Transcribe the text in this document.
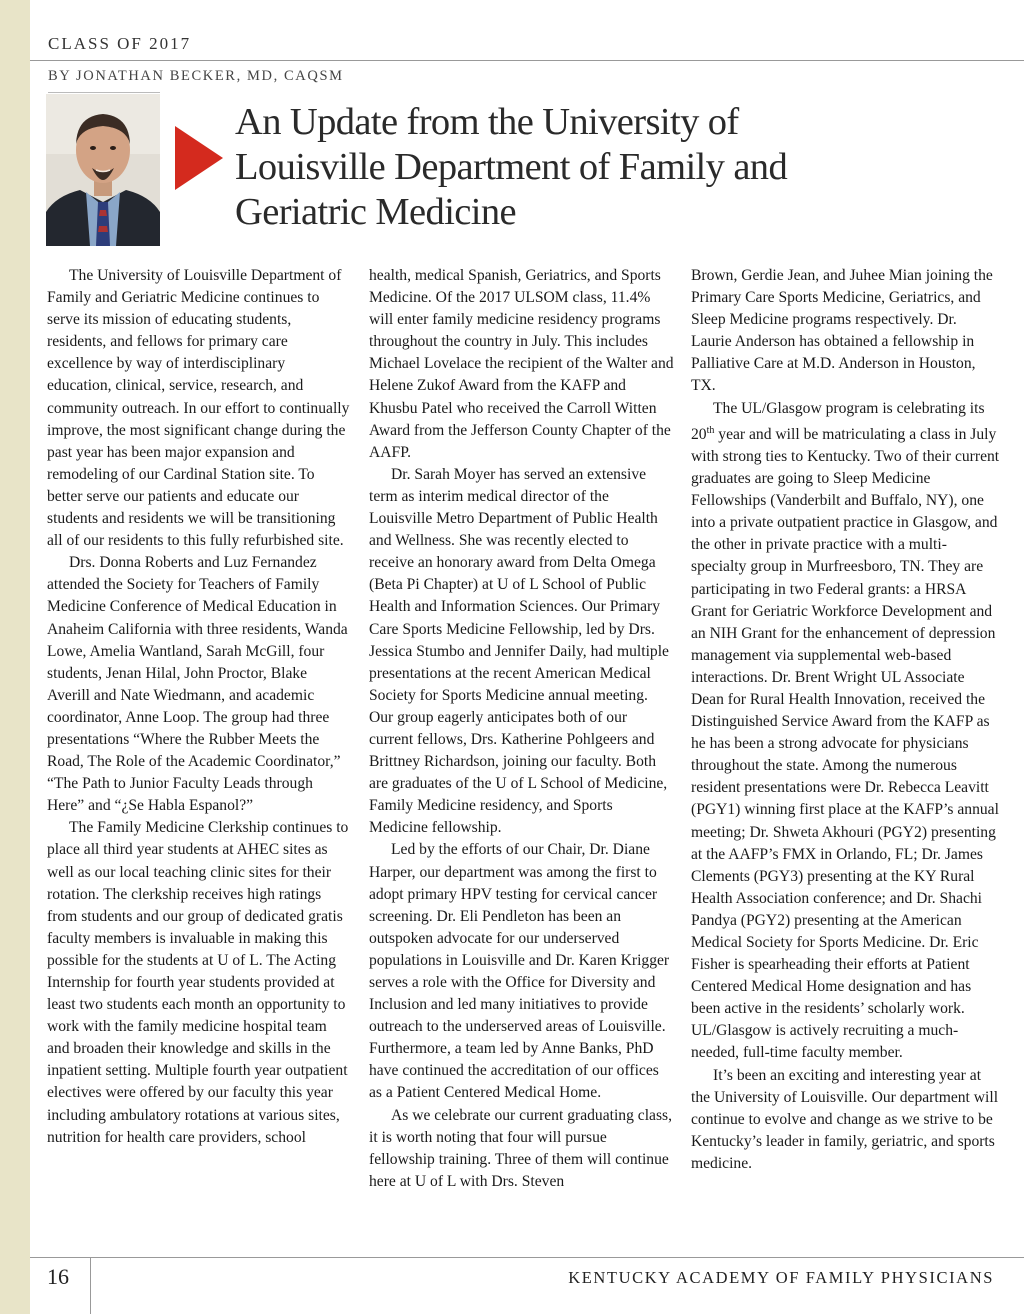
CLASS OF 2017
BY JONATHAN BECKER, MD, CAQSM
An Update from the University of Louisville Department of Family and Geriatric Medicine

The University of Louisville Department of Family and Geriatric Medicine continues to serve its mission of educating students, residents, and fellows for primary care excellence by way of interdisciplinary education, clinical, service, research, and community outreach. In our effort to continually improve, the most significant change during the past year has been major expansion and remodeling of our Cardinal Station site. To better serve our patients and educate our students and residents we will be transitioning all of our residents to this fully refurbished site.

Drs. Donna Roberts and Luz Fernandez attended the Society for Teachers of Family Medicine Conference of Medical Education in Anaheim California with three residents, Wanda Lowe, Amelia Wantland, Sarah McGill, four students, Jenan Hilal, John Proctor, Blake Averill and Nate Wiedmann, and academic coordinator, Anne Loop. The group had three presentations “Where the Rubber Meets the Road, The Role of the Academic Coordinator,” “The Path to Junior Faculty Leads through Here” and “¿Se Habla Espanol?”

The Family Medicine Clerkship continues to place all third year students at AHEC sites as well as our local teaching clinic sites for their rotation. The clerkship receives high ratings from students and our group of dedicated gratis faculty members is invaluable in making this possible for the students at U of L. The Acting Internship for fourth year students provided at least two students each month an opportunity to work with the family medicine hospital team and broaden their knowledge and skills in the inpatient setting. Multiple fourth year outpatient electives were offered by our faculty this year including ambulatory rotations at various sites, nutrition for health care providers, school

health, medical Spanish, Geriatrics, and Sports Medicine. Of the 2017 ULSOM class, 11.4% will enter family medicine residency programs throughout the country in July. This includes Michael Lovelace the recipient of the Walter and Helene Zukof Award from the KAFP and Khusbu Patel who received the Carroll Witten Award from the Jefferson County Chapter of the AAFP.

Dr. Sarah Moyer has served an extensive term as interim medical director of the Louisville Metro Department of Public Health and Wellness. She was recently elected to receive an honorary award from Delta Omega (Beta Pi Chapter) at U of L School of Public Health and Information Sciences. Our Primary Care Sports Medicine Fellowship, led by Drs. Jessica Stumbo and Jennifer Daily, had multiple presentations at the recent American Medical Society for Sports Medicine annual meeting. Our group eagerly anticipates both of our current fellows, Drs. Katherine Pohlgeers and Brittney Richardson, joining our faculty. Both are graduates of the U of L School of Medicine, Family Medicine residency, and Sports Medicine fellowship.

Led by the efforts of our Chair, Dr. Diane Harper, our department was among the first to adopt primary HPV testing for cervical cancer screening. Dr. Eli Pendleton has been an outspoken advocate for our underserved populations in Louisville and Dr. Karen Krigger serves a role with the Office for Diversity and Inclusion and led many initiatives to provide outreach to the underserved areas of Louisville. Furthermore, a team led by Anne Banks, PhD have continued the accreditation of our offices as a Patient Centered Medical Home.

As we celebrate our current graduating class, it is worth noting that four will pursue fellowship training. Three of them will continue here at U of L with Drs. Steven

Brown, Gerdie Jean, and Juhee Mian joining the Primary Care Sports Medicine, Geriatrics, and Sleep Medicine programs respectively. Dr. Laurie Anderson has obtained a fellowship in Palliative Care at M.D. Anderson in Houston, TX.

The UL/Glasgow program is celebrating its 20th year and will be matriculating a class in July with strong ties to Kentucky. Two of their current graduates are going to Sleep Medicine Fellowships (Vanderbilt and Buffalo, NY), one into a private outpatient practice in Glasgow, and the other in private practice with a multi-specialty group in Murfreesboro, TN. They are participating in two Federal grants: a HRSA Grant for Geriatric Workforce Development and an NIH Grant for the enhancement of depression management via supplemental web-based interactions. Dr. Brent Wright UL Associate Dean for Rural Health Innovation, received the Distinguished Service Award from the KAFP as he has been a strong advocate for physicians throughout the state. Among the numerous resident presentations were Dr. Rebecca Leavitt (PGY1) winning first place at the KAFP’s annual meeting; Dr. Shweta Akhouri (PGY2) presenting at the AAFP’s FMX in Orlando, FL; Dr. James Clements (PGY3) presenting at the KY Rural Health Association conference; and Dr. Shachi Pandya (PGY2) presenting at the American Medical Society for Sports Medicine. Dr. Eric Fisher is spearheading their efforts at Patient Centered Medical Home designation and has been active in the residents’ scholarly work. UL/Glasgow is actively recruiting a much-needed, full-time faculty member.

It’s been an exciting and interesting year at the University of Louisville. Our department will continue to evolve and change as we strive to be Kentucky’s leader in family, geriatric, and sports medicine.

16	KENTUCKY ACADEMY OF FAMILY PHYSICIANS
